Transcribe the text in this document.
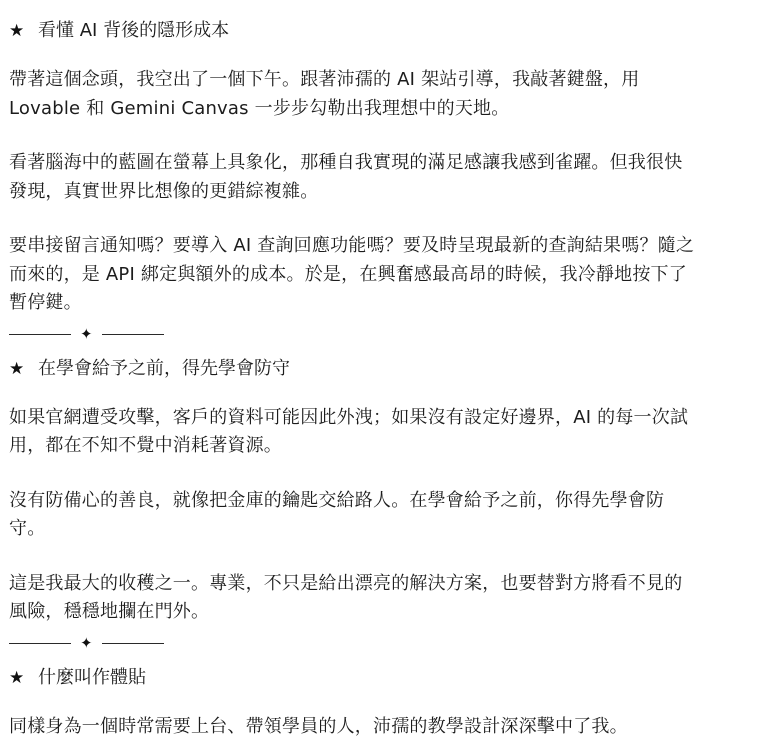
★ 看懂 AI 背後的隱形成本

帶著這個念頭，我空出了一個下午。跟著沛孺的 AI 架站引導，我敲著鍵盤，用
Lovable 和 Gemini Canvas 一步步勾勒出我理想中的天地。

看著腦海中的藍圖在螢幕上具象化，那種自我實現的滿足感讓我感到雀躍。但我很快
發現，真實世界比想像的更錯綜複雜。

要串接留言通知嗎？要導入 AI 查詢回應功能嗎？要及時呈現最新的查詢結果嗎？隨之
而來的，是 API 綁定與額外的成本。於是，在興奮感最高昂的時候，我冷靜地按下了
暫停鍵。

✦
★ 在學會給予之前，得先學會防守

如果官網遭受攻擊，客戶的資料可能因此外洩；如果沒有設定好邊界，AI 的每一次試
用，都在不知不覺中消耗著資源。

沒有防備心的善良，就像把金庫的鑰匙交給路人。在學會給予之前，你得先學會防
守。

這是我最大的收穫之一。專業，不只是給出漂亮的解決方案，也要替對方將看不見的
風險，穩穩地攔在門外。

✦
★ 什麼叫作體貼

同樣身為一個時常需要上台、帶領學員的人，沛孺的教學設計深深擊中了我。
